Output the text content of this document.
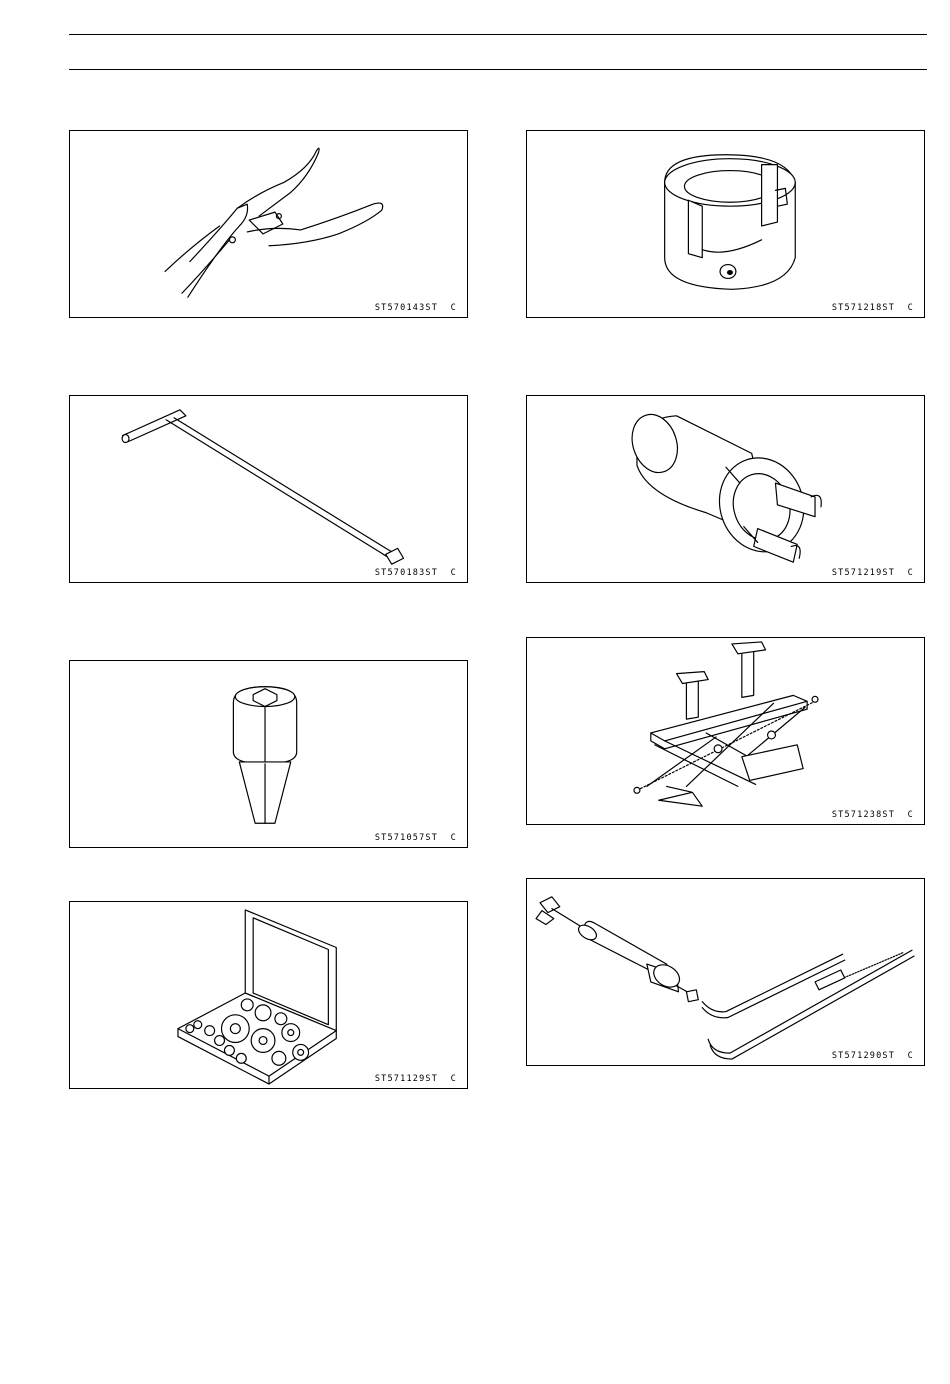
ST570143ST  C
ST570183ST  C
ST571057ST  C
ST571129ST  C
ST571218ST  C
ST571219ST  C
ST571238ST  C
ST571290ST  C
